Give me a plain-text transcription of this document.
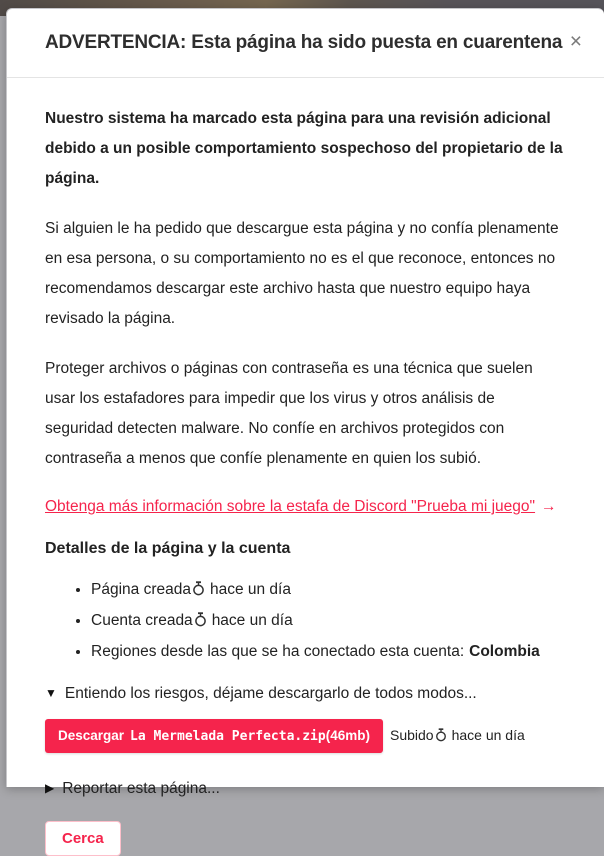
ADVERTENCIA: Esta página ha sido puesta en cuarentena ×

Nuestro sistema ha marcado esta página para una revisión adicional debido a un posible comportamiento sospechoso del propietario de la página.

Si alguien le ha pedido que descargue esta página y no confía plenamente en esa persona, o su comportamiento no es el que reconoce, entonces no recomendamos descargar este archivo hasta que nuestro equipo haya revisado la página.

Proteger archivos o páginas con contraseña es una técnica que suelen usar los estafadores para impedir que los virus y otros análisis de seguridad detecten malware. No confíe en archivos protegidos con contraseña a menos que confíe plenamente en quien los subió.

Obtenga más información sobre la estafa de Discord "Prueba mi juego" →
Detalles de la página y la cuenta
• Página creada hace un día
• Cuenta creada hace un día
• Regiones desde las que se ha conectado esta cuenta: Colombia
▼ Entiendo los riesgos, déjame descargarlo de todos modos...
Descargar La Mermelada Perfecta.zip (46mb) Subido hace un día
▶ Reportar esta página...
Cerca
